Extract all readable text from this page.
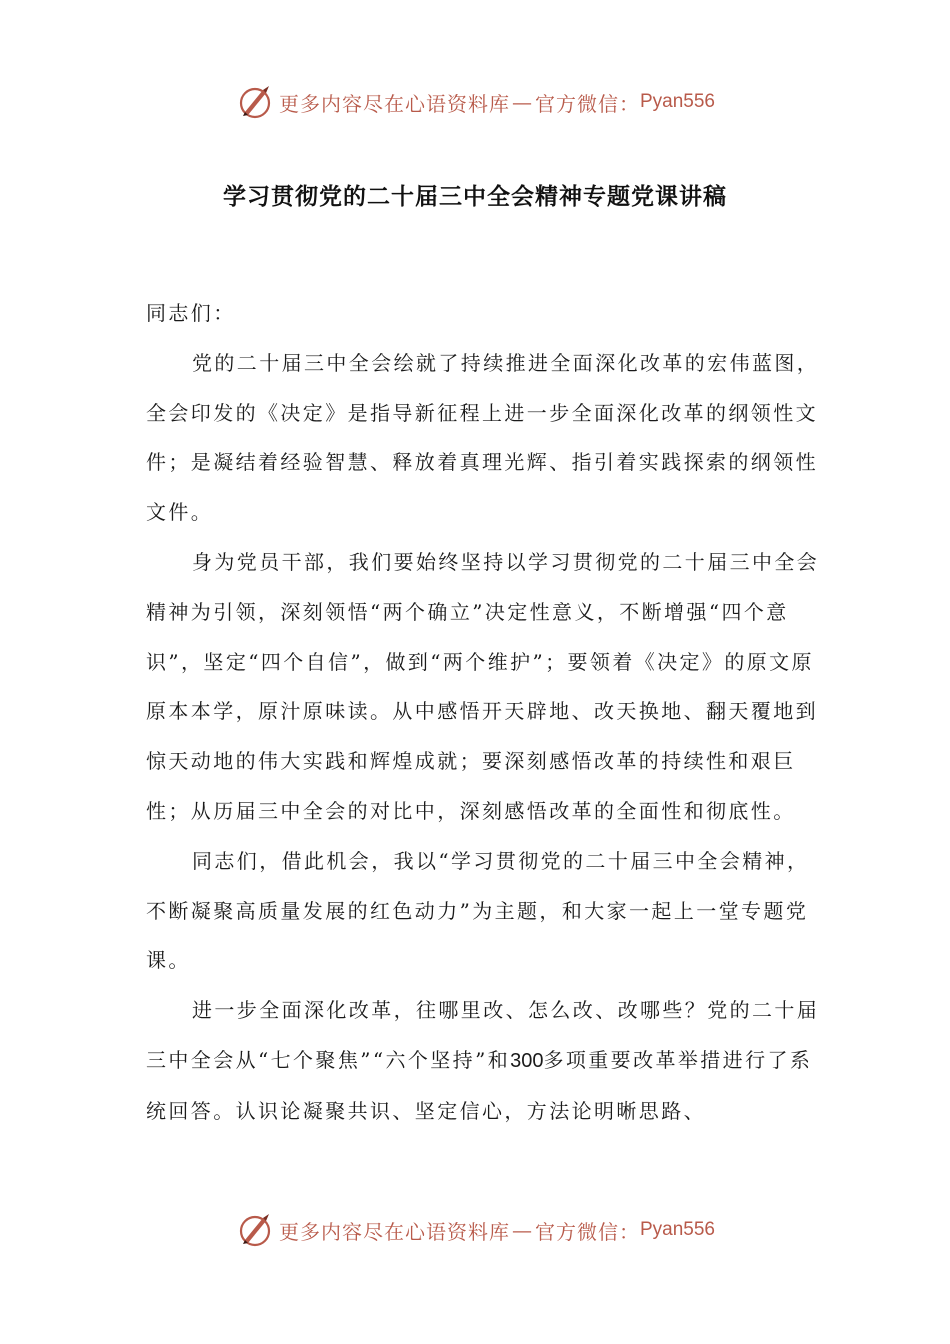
更多内容尽在心语资料库 — 官方微信： Pyan556
学习贯彻党的二十届三中全会精神专题党课讲稿

同志们：

党的二十届三中全会绘就了持续推进全面深化改革的宏伟蓝图，全会印发的《决定》是指导新征程上进一步全面深化改革的纲领性文件；是凝结着经验智慧、释放着真理光辉、指引着实践探索的纲领性文件。

身为党员干部，我们要始终坚持以学习贯彻党的二十届三中全会精神为引领，深刻领悟“两个确立”决定性意义，不断增强“四个意识”，坚定“四个自信”，做到“两个维护”；要领着《决定》的原文原原本本学，原汁原味读。从中感悟开天辟地、改天换地、翻天覆地到惊天动地的伟大实践和辉煌成就；要深刻感悟改革的持续性和艰巨性；从历届三中全会的对比中，深刻感悟改革的全面性和彻底性。

同志们，借此机会，我以“学习贯彻党的二十届三中全会精神，不断凝聚高质量发展的红色动力”为主题，和大家一起上一堂专题党课。

进一步全面深化改革，往哪里改、怎么改、改哪些？党的二十届三中全会从“七个聚焦”“六个坚持”和300多项重要改革举措进行了系统回答。认识论凝聚共识、坚定信心，方法论明晰思路、

更多内容尽在心语资料库 — 官方微信： Pyan556
